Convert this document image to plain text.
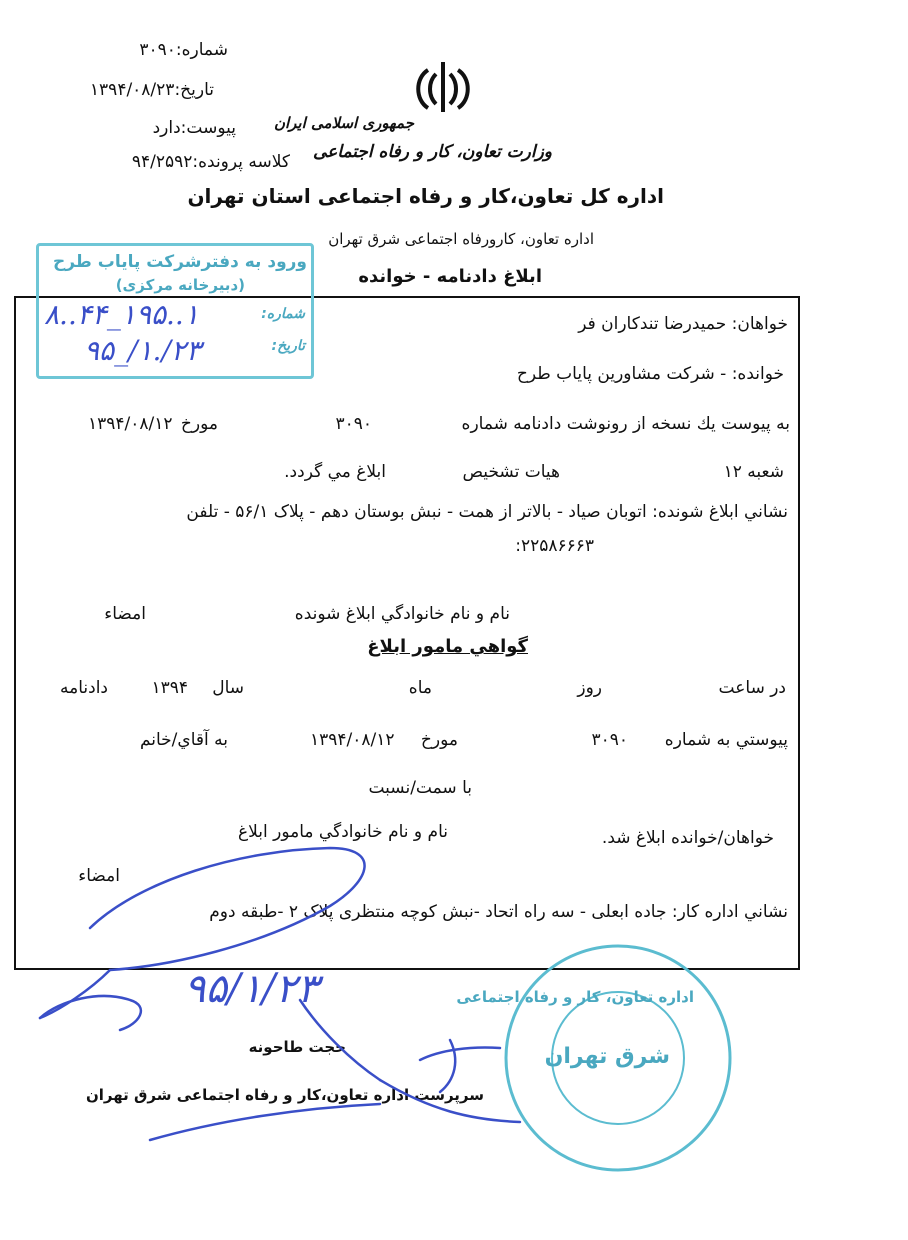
شماره:۳۰۹۰
تاریخ:۱۳۹۴/۰۸/۲۳
پیوست:دارد
کلاسه پرونده:۹۴/۲۵۹۲
جمهوری اسلامی ایران
وزارت تعاون، کار و رفاه اجتماعی
اداره کل تعاون،کار و رفاه اجتماعی استان تهران
اداره تعاون، کارورفاه اجتماعی شرق تهران
ابلاغ دادنامه - خوانده
ورود به دفترشرکت پایاب طرح
(دبیرخانه مرکزی)
شماره:
تاریخ:
۸..۴۴_۱۹۵..۱
۹۵_/۱./۲۳
خواهان: حمیدرضا تندکاران فر
خوانده: - شرکت مشاورین پایاب طرح
به پیوست يك نسخه از رونوشت دادنامه شماره
۳۰۹۰
مورخ
۱۳۹۴/۰۸/۱۲
شعبه ۱۲
هيات تشخيص
ابلاغ مي گردد.
نشاني ابلاغ شونده: اتوبان صیاد - بالاتر از همت - نبش بوستان دهم - پلاک ۵۶/۱ - تلفن
۲۲۵۸۶۶۶۳:
نام و نام خانوادگي ابلاغ شونده
امضاء
گواهي مامور ابلاغ
در ساعت
روز
ماه
سال
۱۳۹۴
دادنامه
پيوستي به شماره
۳۰۹۰
مورخ
۱۳۹۴/۰۸/۱۲
به آقاي/خانم
با سمت/نسبت
خواهان/خوانده ابلاغ شد.
نام و نام خانوادگي مامور ابلاغ
امضاء
نشاني اداره كار: جاده ابعلی - سه راه اتحاد -نبش کوچه منتظری پلاک ۲ -طبقه دوم
حجت طاحونه
سرپرست اداره تعاون،کار و رفاه اجتماعی شرق تهران
۹۵/۱/۲۳	اداره تعاون، کار و رفاه اجتماعی
شرق تهران
